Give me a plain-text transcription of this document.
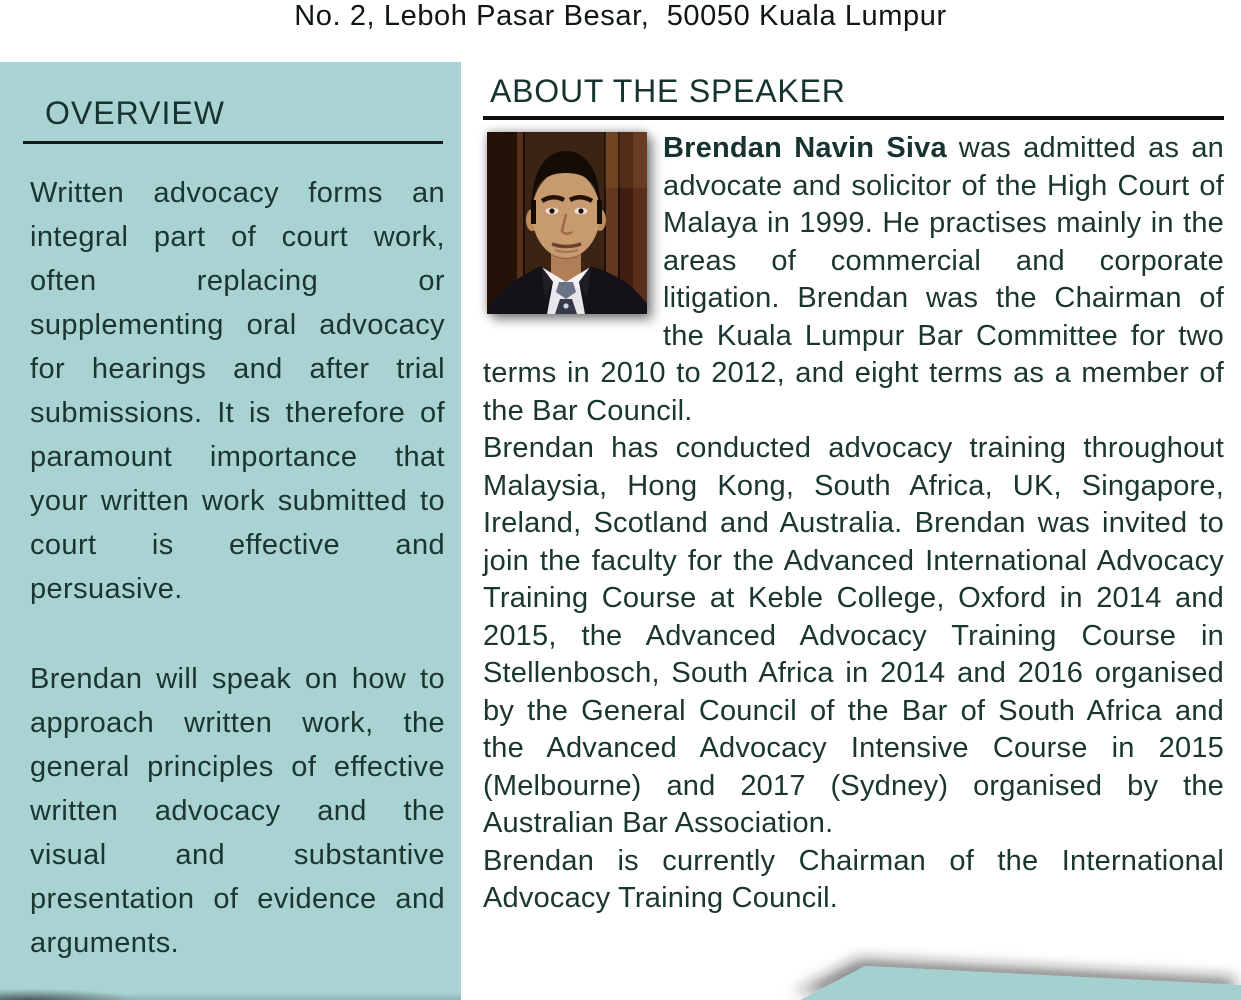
No. 2, Leboh Pasar Besar,  50050 Kuala Lumpur
OVERVIEW

Written advocacy forms an integral part of court work, often replacing or supplementing oral advocacy for hearings and after trial submissions. It is therefore of paramount importance that your written work submitted to court is effective and persuasive.

Brendan will speak on how to approach written work, the general principles of effective written advocacy and the visual and substantive presentation of evidence and arguments.

ABOUT THE SPEAKER

Brendan Navin Siva was admitted as an advocate and solicitor of the High Court of Malaya in 1999. He practises mainly in the areas of commercial and corporate litigation. Brendan was the Chairman of the Kuala Lumpur Bar Committee for two terms in 2010 to 2012, and eight terms as a member of the Bar Council.

Brendan has conducted advocacy training throughout Malaysia, Hong Kong, South Africa, UK, Singapore, Ireland, Scotland and Australia. Brendan was invited to join the faculty for the Advanced International Advocacy Training Course at Keble College, Oxford in 2014 and 2015, the Advanced Advocacy Training Course in Stellenbosch, South Africa in 2014 and 2016 organised by the General Council of the Bar of South Africa and the Advanced Advocacy Intensive Course in 2015 (Melbourne) and 2017 (Sydney) organised by the Australian Bar Association.

Brendan is currently Chairman of the International Advocacy Training Council.
